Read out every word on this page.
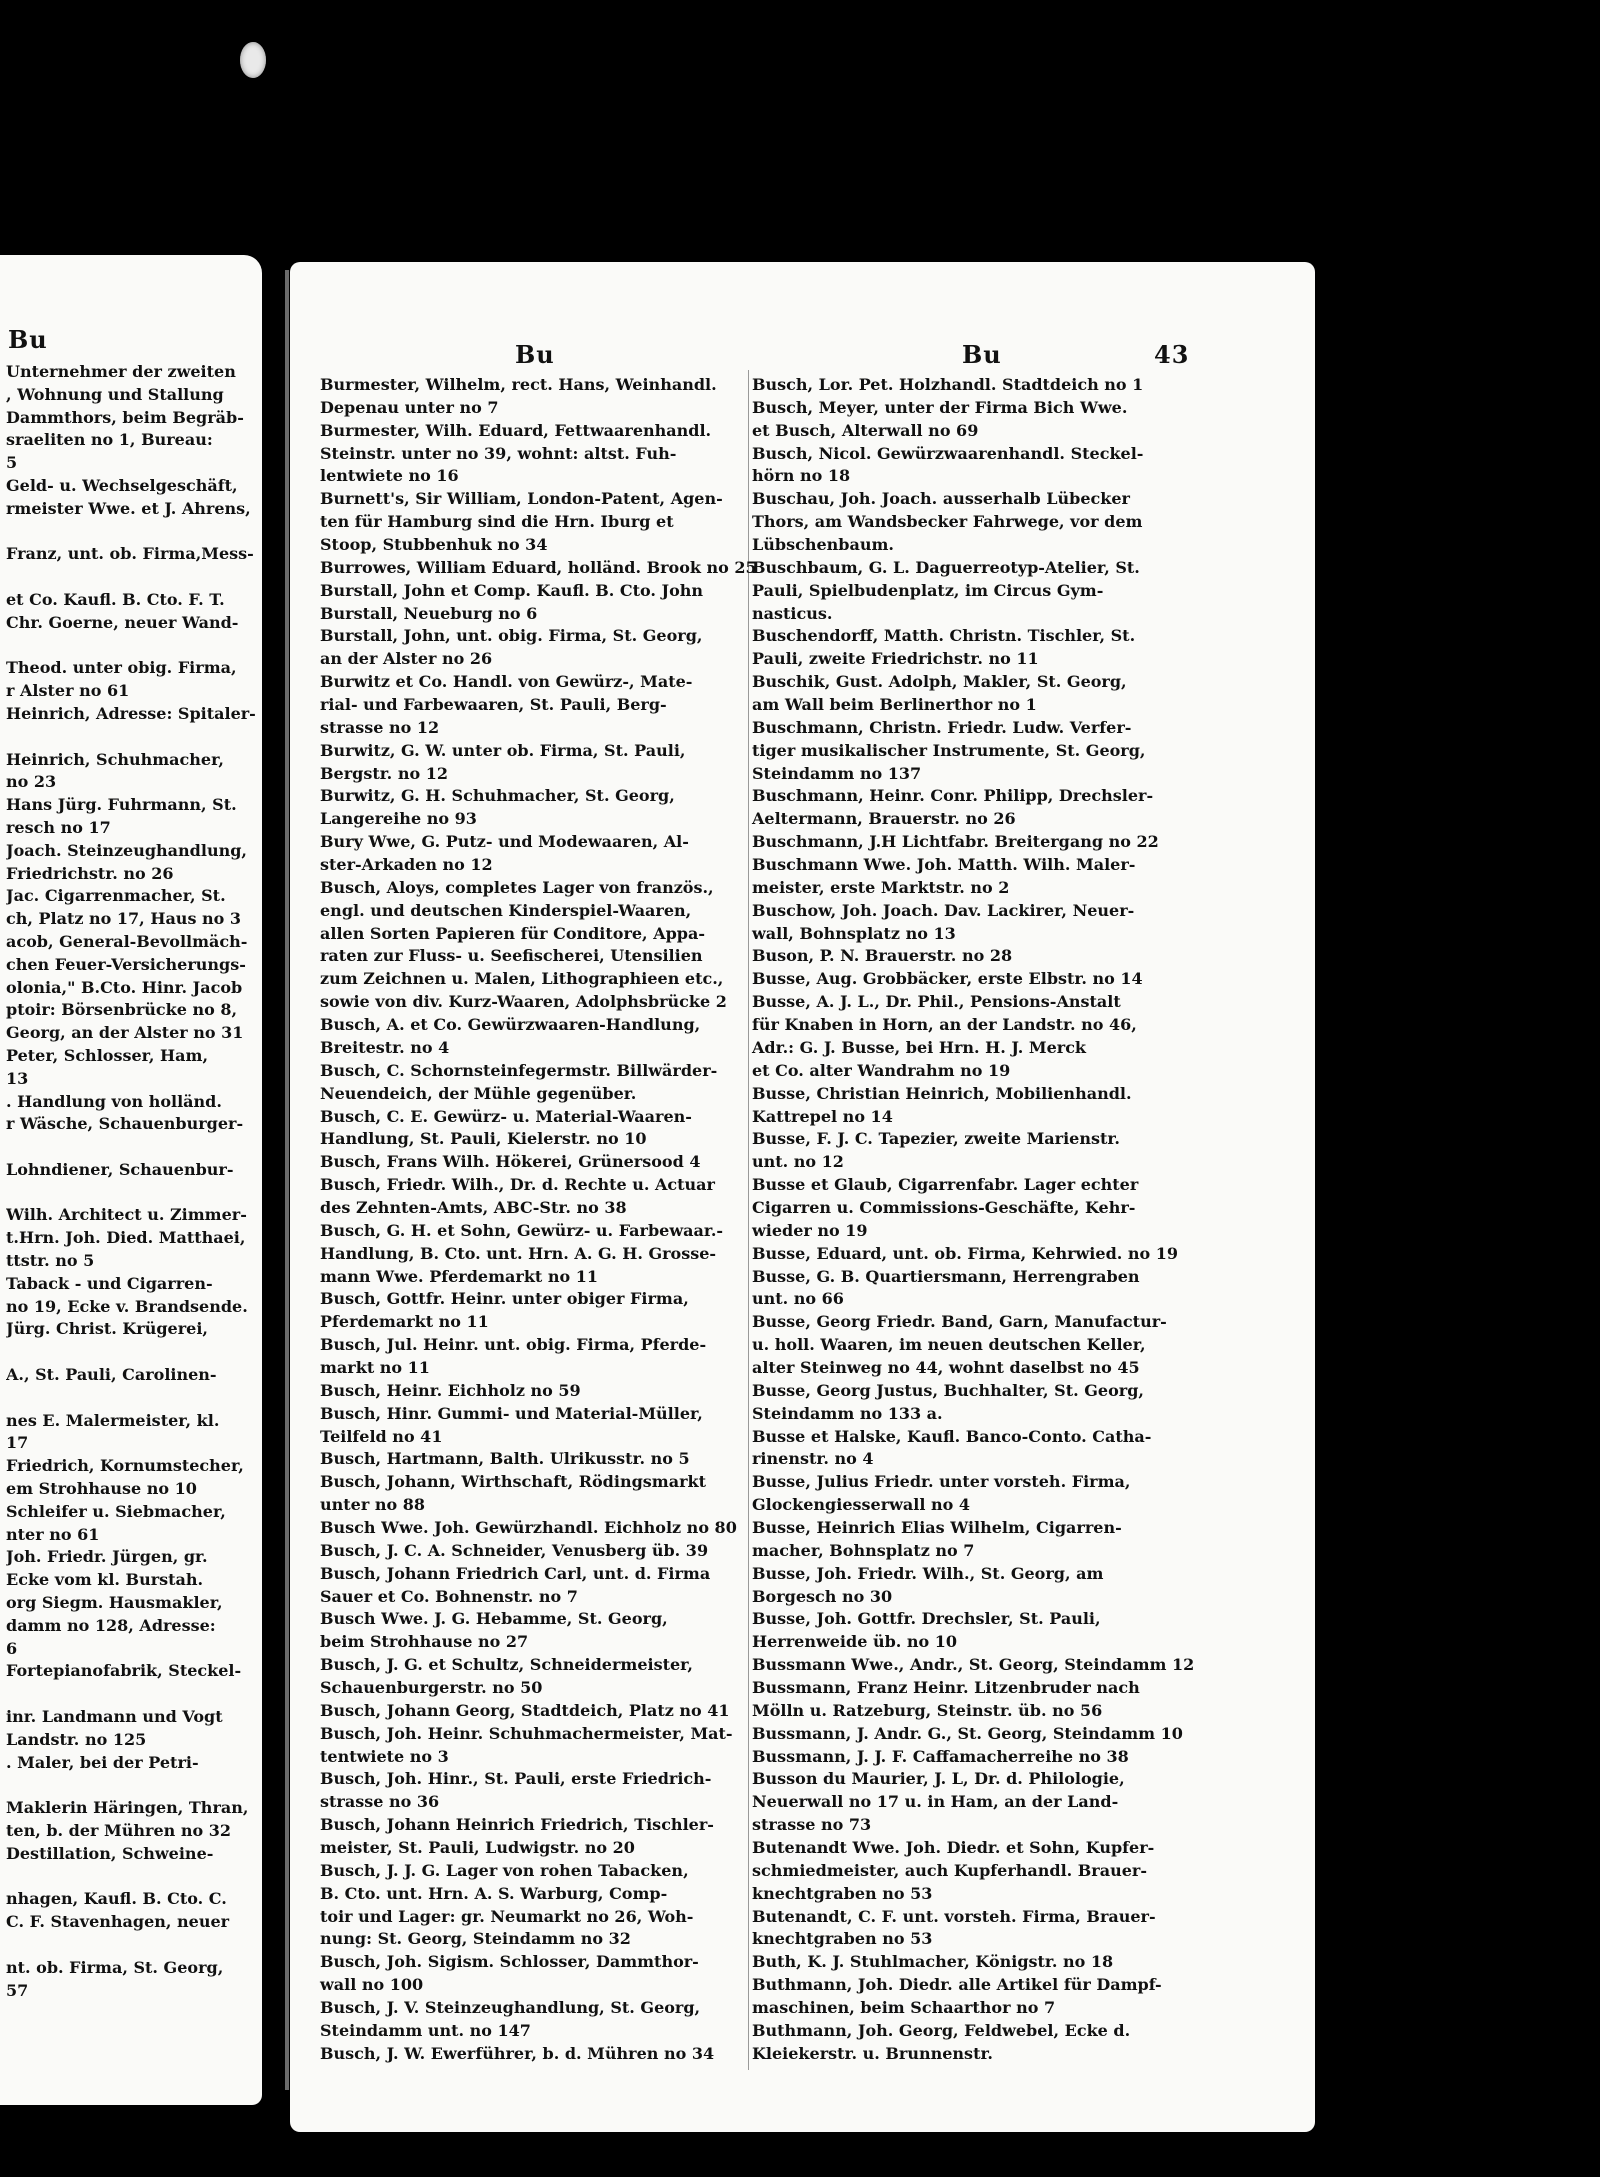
Bu
Unternehmer der zweiten
, Wohnung und Stallung
Dammthors, beim Begräb-
sraeliten no 1, Bureau:
5
Geld- u. Wechselgeschäft,
rmeister Wwe. et J. Ahrens,

Franz, unt. ob. Firma,Mess-

et Co. Kaufl. B. Cto. F. T.
Chr. Goerne, neuer Wand-

Theod. unter obig. Firma,
r Alster no 61
Heinrich, Adresse: Spitaler-

Heinrich, Schuhmacher,
no 23
Hans Jürg. Fuhrmann, St.
resch no 17
Joach. Steinzeughandlung,
Friedrichstr. no 26
Jac. Cigarrenmacher, St.
ch, Platz no 17, Haus no 3
acob, General-Bevollmäch-
chen Feuer-Versicherungs-
olonia," B.Cto. Hinr. Jacob
ptoir: Börsenbrücke no 8,
Georg, an der Alster no 31
Peter, Schlosser, Ham,
13
. Handlung von holländ.
r Wäsche, Schauenburger-

Lohndiener, Schauenbur-

Wilh. Architect u. Zimmer-
t.Hrn. Joh. Died. Matthaei,
ttstr. no 5
Taback - und Cigarren-
no 19, Ecke v. Brandsende.
Jürg. Christ. Krügerei,

A., St. Pauli, Carolinen-

nes E. Malermeister, kl.
17
Friedrich, Kornumstecher,
em Strohhause no 10
Schleifer u. Siebmacher,
nter no 61
Joh. Friedr. Jürgen, gr.
Ecke vom kl. Burstah.
org Siegm. Hausmakler,
damm no 128, Adresse:
6
Fortepianofabrik, Steckel-

inr. Landmann und Vogt
Landstr. no 125
. Maler, bei der Petri-

Maklerin Häringen, Thran,
ten, b. der Mühren no 32
Destillation, Schweine-

nhagen, Kaufl. B. Cto. C.
C. F. Stavenhagen, neuer

nt. ob. Firma, St. Georg,
57
Bu	Bu	43
Burmester, Wilhelm, rect. Hans, Weinhandl.
Depenau unter no 7
Burmester, Wilh. Eduard, Fettwaarenhandl.
Steinstr. unter no 39, wohnt: altst. Fuh-
lentwiete no 16
Burnett's, Sir William, London-Patent, Agen-
ten für Hamburg sind die Hrn. Iburg et
Stoop, Stubbenhuk no 34
Burrowes, William Eduard, holländ. Brook no 25
Burstall, John et Comp. Kaufl. B. Cto. John
Burstall, Neueburg no 6
Burstall, John, unt. obig. Firma, St. Georg,
an der Alster no 26
Burwitz et Co. Handl. von Gewürz-, Mate-
rial- und Farbewaaren, St. Pauli, Berg-
strasse no 12
Burwitz, G. W. unter ob. Firma, St. Pauli,
Bergstr. no 12
Burwitz, G. H. Schuhmacher, St. Georg,
Langereihe no 93
Bury Wwe, G. Putz- und Modewaaren, Al-
ster-Arkaden no 12
Busch, Aloys, completes Lager von französ.,
engl. und deutschen Kinderspiel-Waaren,
allen Sorten Papieren für Conditore, Appa-
raten zur Fluss- u. Seefischerei, Utensilien
zum Zeichnen u. Malen, Lithographieen etc.,
sowie von div. Kurz-Waaren, Adolphsbrücke 2
Busch, A. et Co. Gewürzwaaren-Handlung,
Breitestr. no 4
Busch, C. Schornsteinfegermstr. Billwärder-
Neuendeich, der Mühle gegenüber.
Busch, C. E. Gewürz- u. Material-Waaren-
Handlung, St. Pauli, Kielerstr. no 10
Busch, Frans Wilh. Hökerei, Grünersood 4
Busch, Friedr. Wilh., Dr. d. Rechte u. Actuar
des Zehnten-Amts, ABC-Str. no 38
Busch, G. H. et Sohn, Gewürz- u. Farbewaar.-
Handlung, B. Cto. unt. Hrn. A. G. H. Grosse-
mann Wwe. Pferdemarkt no 11
Busch, Gottfr. Heinr. unter obiger Firma,
Pferdemarkt no 11
Busch, Jul. Heinr. unt. obig. Firma, Pferde-
markt no 11
Busch, Heinr. Eichholz no 59
Busch, Hinr. Gummi- und Material-Müller,
Teilfeld no 41
Busch, Hartmann, Balth. Ulrikusstr. no 5
Busch, Johann, Wirthschaft, Rödingsmarkt
unter no 88
Busch Wwe. Joh. Gewürzhandl. Eichholz no 80
Busch, J. C. A. Schneider, Venusberg üb. 39
Busch, Johann Friedrich Carl, unt. d. Firma
Sauer et Co. Bohnenstr. no 7
Busch Wwe. J. G. Hebamme, St. Georg,
beim Strohhause no 27
Busch, J. G. et Schultz, Schneidermeister,
Schauenburgerstr. no 50
Busch, Johann Georg, Stadtdeich, Platz no 41
Busch, Joh. Heinr. Schuhmachermeister, Mat-
tentwiete no 3
Busch, Joh. Hinr., St. Pauli, erste Friedrich-
strasse no 36
Busch, Johann Heinrich Friedrich, Tischler-
meister, St. Pauli, Ludwigstr. no 20
Busch, J. J. G. Lager von rohen Tabacken,
B. Cto. unt. Hrn. A. S. Warburg, Comp-
toir und Lager: gr. Neumarkt no 26, Woh-
nung: St. Georg, Steindamm no 32
Busch, Joh. Sigism. Schlosser, Dammthor-
wall no 100
Busch, J. V. Steinzeughandlung, St. Georg,
Steindamm unt. no 147
Busch, J. W. Ewerführer, b. d. Mühren no 34
Busch, Lor. Pet. Holzhandl. Stadtdeich no 1
Busch, Meyer, unter der Firma Bich Wwe.
et Busch, Alterwall no 69
Busch, Nicol. Gewürzwaarenhandl. Steckel-
hörn no 18
Buschau, Joh. Joach. ausserhalb Lübecker
Thors, am Wandsbecker Fahrwege, vor dem
Lübschenbaum.
Buschbaum, G. L. Daguerreotyp-Atelier, St.
Pauli, Spielbudenplatz, im Circus Gym-
nasticus.
Buschendorff, Matth. Christn. Tischler, St.
Pauli, zweite Friedrichstr. no 11
Buschik, Gust. Adolph, Makler, St. Georg,
am Wall beim Berlinerthor no 1
Buschmann, Christn. Friedr. Ludw. Verfer-
tiger musikalischer Instrumente, St. Georg,
Steindamm no 137
Buschmann, Heinr. Conr. Philipp, Drechsler-
Aeltermann, Brauerstr. no 26
Buschmann, J.H Lichtfabr. Breitergang no 22
Buschmann Wwe. Joh. Matth. Wilh. Maler-
meister, erste Marktstr. no 2
Buschow, Joh. Joach. Dav. Lackirer, Neuer-
wall, Bohnsplatz no 13
Buson, P. N. Brauerstr. no 28
Busse, Aug. Grobbäcker, erste Elbstr. no 14
Busse, A. J. L., Dr. Phil., Pensions-Anstalt
für Knaben in Horn, an der Landstr. no 46,
Adr.: G. J. Busse, bei Hrn. H. J. Merck
et Co. alter Wandrahm no 19
Busse, Christian Heinrich, Mobilienhandl.
Kattrepel no 14
Busse, F. J. C. Tapezier, zweite Marienstr.
unt. no 12
Busse et Glaub, Cigarrenfabr. Lager echter
Cigarren u. Commissions-Geschäfte, Kehr-
wieder no 19
Busse, Eduard, unt. ob. Firma, Kehrwied. no 19
Busse, G. B. Quartiersmann, Herrengraben
unt. no 66
Busse, Georg Friedr. Band, Garn, Manufactur-
u. holl. Waaren, im neuen deutschen Keller,
alter Steinweg no 44, wohnt daselbst no 45
Busse, Georg Justus, Buchhalter, St. Georg,
Steindamm no 133 a.
Busse et Halske, Kaufl. Banco-Conto. Catha-
rinenstr. no 4
Busse, Julius Friedr. unter vorsteh. Firma,
Glockengiesserwall no 4
Busse, Heinrich Elias Wilhelm, Cigarren-
macher, Bohnsplatz no 7
Busse, Joh. Friedr. Wilh., St. Georg, am
Borgesch no 30
Busse, Joh. Gottfr. Drechsler, St. Pauli,
Herrenweide üb. no 10
Bussmann Wwe., Andr., St. Georg, Steindamm 12
Bussmann, Franz Heinr. Litzenbruder nach
Mölln u. Ratzeburg, Steinstr. üb. no 56
Bussmann, J. Andr. G., St. Georg, Steindamm 10
Bussmann, J. J. F. Caffamacherreihe no 38
Busson du Maurier, J. L, Dr. d. Philologie,
Neuerwall no 17 u. in Ham, an der Land-
strasse no 73
Butenandt Wwe. Joh. Diedr. et Sohn, Kupfer-
schmiedmeister, auch Kupferhandl. Brauer-
knechtgraben no 53
Butenandt, C. F. unt. vorsteh. Firma, Brauer-
knechtgraben no 53
Buth, K. J. Stuhlmacher, Königstr. no 18
Buthmann, Joh. Diedr. alle Artikel für Dampf-
maschinen, beim Schaarthor no 7
Buthmann, Joh. Georg, Feldwebel, Ecke d.
Kleiekerstr. u. Brunnenstr.
